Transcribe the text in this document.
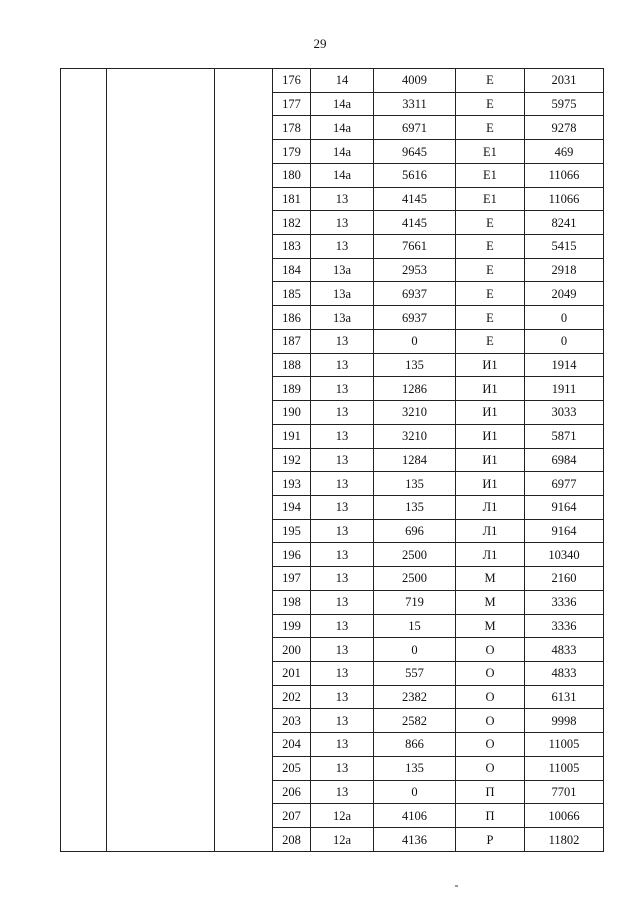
29
			176	14	4009	Е	2031
			177	14а	3311	Е	5975
			178	14а	6971	Е	9278
			179	14а	9645	Е1	469
			180	14а	5616	Е1	11066
			181	13	4145	Е1	11066
			182	13	4145	Е	8241
			183	13	7661	Е	5415
			184	13а	2953	Е	2918
			185	13а	6937	Е	2049
			186	13а	6937	Е	0
			187	13	0	Е	0
			188	13	135	И1	1914
			189	13	1286	И1	1911
			190	13	3210	И1	3033
			191	13	3210	И1	5871
			192	13	1284	И1	6984
			193	13	135	И1	6977
			194	13	135	Л1	9164
			195	13	696	Л1	9164
			196	13	2500	Л1	10340
			197	13	2500	М	2160
			198	13	719	М	3336
			199	13	15	М	3336
			200	13	0	О	4833
			201	13	557	О	4833
			202	13	2382	О	6131
			203	13	2582	О	9998
			204	13	866	О	11005
			205	13	135	О	11005
			206	13	0	П	7701
			207	12а	4106	П	10066
			208	12а	4136	Р	11802
